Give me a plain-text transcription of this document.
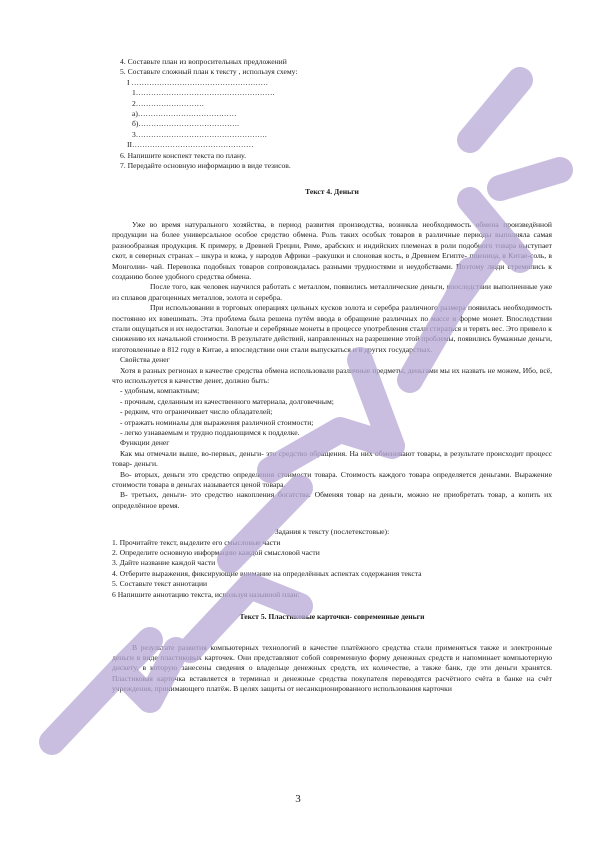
4. Составьте план из вопросительных предложений
5. Составьте сложный план к тексту , используя схему:
I ………………………………………………
1……………………………………………….
2………………………
а)…………………………………
б)………………………………….
3…………………………………………….
II…………………………………………
6. Напишите конспект текста по плану.
7. Передайте основную информацию в виде тезисов.
Текст 4. Деньги

Уже во время натурального хозяйства, в период развития производства, возникла необходимость обмена произведённой продукции на более универсальное особое средство обмена. Роль таких особых товаров в различные периоды выполняла самая разнообразная продукция. К примеру, в Древней Греции, Риме, арабских и индийских племенах в роли подобного товара выступает скот, в северных странах – шкура и кожа, у народов Африки –ракушки и слоновая кость, в Древнем Египте- пшеница, в Китае-соль, в Монголии- чай. Перевозка подобных товаров сопровождалась разными трудностями и неудобствами. Поэтому люди стремились к созданию более удобного средства обмена.

После того, как человек научился работать с металлом, появились металлические деньги, впоследствии выполненные уже из сплавов драгоценных металлов, золота и серебра.

При использовании в торговых операциях цельных кусков золота и серебра различного размера появилась необходимость постоянно их взвешивать. Эта проблема была решена путём ввода в обращение различных по массе и форме монет. Впоследствии стали ощущаться и их недостатки. Золотые и серебряные монеты в процессе употребления стали стираться и терять вес. Это привело к снижению их начальной стоимости. В результате действий, направленных на разрешение этой проблемы, появились бумажные деньги, изготовленные в 812 году в Китае, а впоследствии они стали выпускаться и в других государствах.

Свойства денег

Хотя в разных регионах в качестве средства обмена использовали различные предметы, деньгами мы их назвать не можем, Ибо, всё, что используется в качестве денег, должно быть:

- удобным, компактным;
- прочным, сделанным из качественного материала, долговечным;
- редким, что ограничивает число обладателей;
- отражать номиналы для выражения различной стоимости;
- легко узнаваемым и трудно поддающимся к подделке.
Функции денег

Как мы отмечали выше, во-первых, деньги- это средство обращения. На них обменивают товары, в результате происходит процесс товар- деньги.

Во- вторых, деньги это средство определения стоимости товара. Стоимость каждого товара определяется деньгами. Выражение стоимости товара в деньгах называется ценой товара.

В- третьих, деньги- это средство накопления богатства. Обменяя товар на деньги, можно не приобретать товар, а копить их определённое время.

Задания к тексту (послетекстовые):
1. Прочитайте текст, выделите его смысловые части
2. Определите основную информацию каждой смысловой части
3. Дайте название каждой части
4. Отберите выражения, фиксирующие внимание на определённых аспектах содержания текста
5. Составьте текст аннотации
6 Напишите аннотацию текста, используя назывной план:
Текст 5. Пластиковые карточки- современные деньги

В результате развития компьютерных технологий в качестве платёжного средства стали применяться также и электронные деньги в виде пластиковых карточек. Они представляют собой современную форму денежных средств и напоминает компьютерную дискету, в которую занесены сведения о владельце денежных средств, их количестве, а также банк, где эти деньги хранятся. Пластиковая карточка вставляется в терминал и денежные средства покупателя переводятся расчётного счёта в банке на счёт учреждения, принимающего платёж. В целях защиты от несанкционированного использования карточки

3
